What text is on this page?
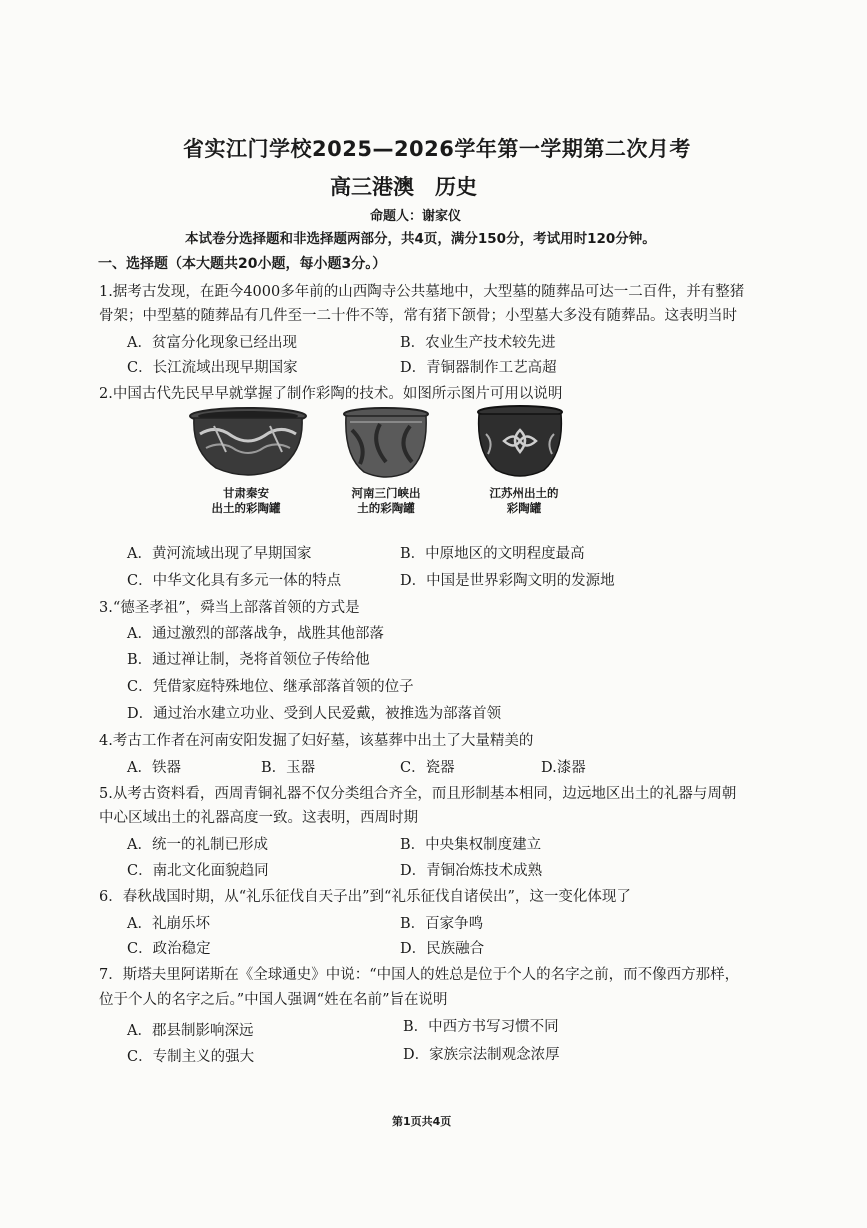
省实江门学校2025—2026学年第一学期第二次月考
高三港澳　历史
命题人：谢家仪
本试卷分选择题和非选择题两部分，共4页，满分150分，考试用时120分钟。
一、选择题（本大题共20小题，每小题3分。）
1.据考古发现，在距今4000多年前的山西陶寺公共墓地中，大型墓的随葬品可达一二百件，并有整猪
骨架；中型墓的随葬品有几件至一二十件不等，常有猪下颌骨；小型墓大多没有随葬品。这表明当时
A．贫富分化现象已经出现	B．农业生产技术较先进
C．长江流域出现早期国家	D．青铜器制作工艺高超
2.中国古代先民早早就掌握了制作彩陶的技术。如图所示图片可用以说明
甘肃秦安
出土的彩陶罐
河南三门峡出
土的彩陶罐
江苏州出土的
彩陶罐
A．黄河流域出现了早期国家	B．中原地区的文明程度最高
C．中华文化具有多元一体的特点	D．中国是世界彩陶文明的发源地
3.“德圣孝祖”，舜当上部落首领的方式是
A．通过激烈的部落战争，战胜其他部落
B．通过禅让制，尧将首领位子传给他
C．凭借家庭特殊地位、继承部落首领的位子
D．通过治水建立功业、受到人民爱戴，被推选为部落首领
4.考古工作者在河南安阳发掘了妇好墓，该墓葬中出土了大量精美的
A．铁器	B．玉器	C．瓷器	D.漆器
5.从考古资料看，西周青铜礼器不仅分类组合齐全，而且形制基本相同，边远地区出土的礼器与周朝
中心区域出土的礼器高度一致。这表明，西周时期
A．统一的礼制已形成	B．中央集权制度建立
C．南北文化面貌趋同	D．青铜冶炼技术成熟
6．春秋战国时期，从“礼乐征伐自天子出”到“礼乐征伐自诸侯出”，这一变化体现了
A．礼崩乐坏	B．百家争鸣
C．政治稳定	D．民族融合
7．斯塔夫里阿诺斯在《全球通史》中说：“中国人的姓总是位于个人的名字之前，而不像西方那样，
位于个人的名字之后。”中国人强调“姓在名前”旨在说明
A．郡县制影响深远	B．中西方书写习惯不同
C．专制主义的强大	D．家族宗法制观念浓厚
第1页共4页
